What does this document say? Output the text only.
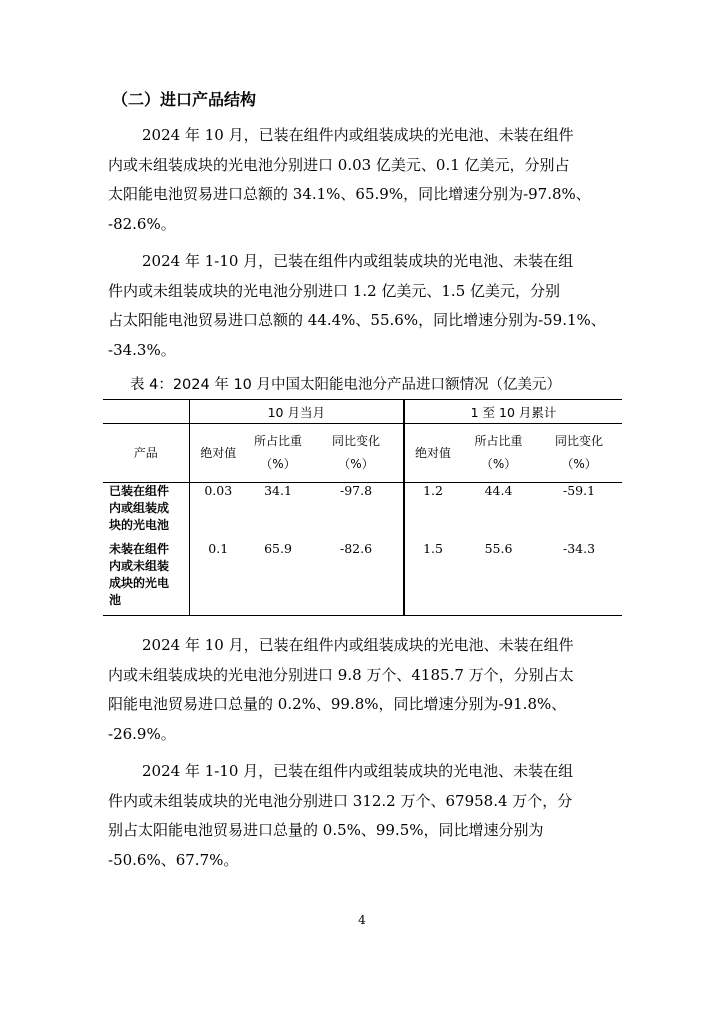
（二）进口产品结构
2024 年 10 月，已装在组件内或组装成块的光电池、未装在组件
内或未组装成块的光电池分别进口 0.03 亿美元、0.1 亿美元，分别占
太阳能电池贸易进口总额的 34.1%、65.9%，同比增速分别为-97.8%、
-82.6%。
2024 年 1-10 月，已装在组件内或组装成块的光电池、未装在组
件内或未组装成块的光电池分别进口 1.2 亿美元、1.5 亿美元，分别
占太阳能电池贸易进口总额的 44.4%、55.6%，同比增速分别为-59.1%、
-34.3%。
表 4：2024 年 10 月中国太阳能电池分产品进口额情况（亿美元）
	10 月当月			1 至 10 月累计		
产品	绝对值	所占比重
（%）	同比变化
（%）	绝对值	所占比重
（%）	同比变化
（%）
已装在组件
内或组装成
块的光电池	0.03	34.1	-97.8	1.2	44.4	-59.1
未装在组件
内或未组装
成块的光电
池	0.1	65.9	-82.6	1.5	55.6	-34.3
2024 年 10 月，已装在组件内或组装成块的光电池、未装在组件
内或未组装成块的光电池分别进口 9.8 万个、4185.7 万个，分别占太
阳能电池贸易进口总量的 0.2%、99.8%，同比增速分别为-91.8%、
-26.9%。
2024 年 1-10 月，已装在组件内或组装成块的光电池、未装在组
件内或未组装成块的光电池分别进口 312.2 万个、67958.4 万个，分
别占太阳能电池贸易进口总量的 0.5%、99.5%，同比增速分别为
-50.6%、67.7%。
4
